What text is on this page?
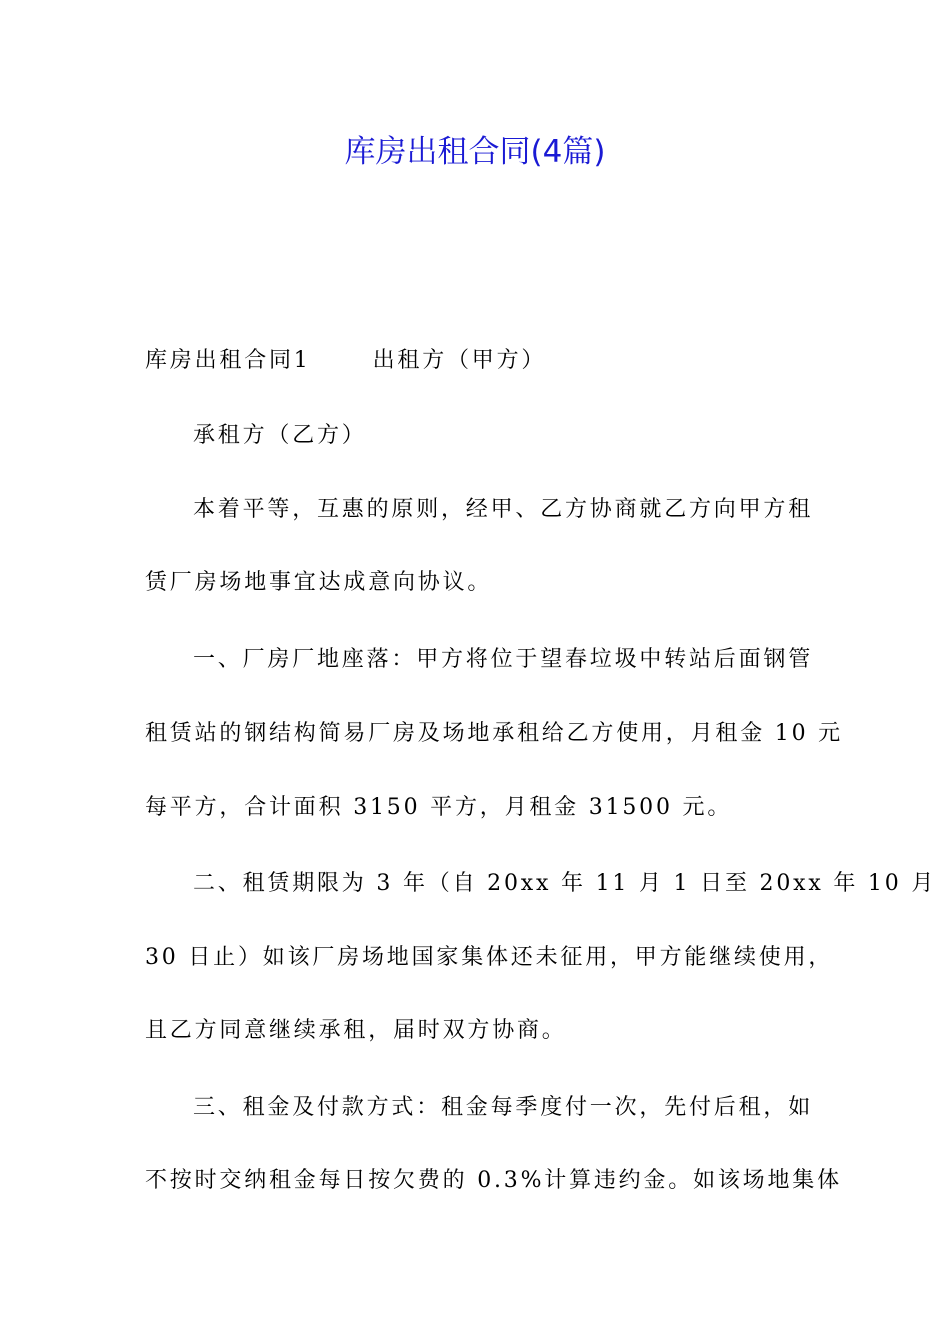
库房出租合同(4篇)
库房出租合同1	出租方（甲方）
承租方（乙方）
本着平等，互惠的原则，经甲、乙方协商就乙方向甲方租
赁厂房场地事宜达成意向协议。
一、厂房厂地座落：甲方将位于望春垃圾中转站后面钢管
租赁站的钢结构简易厂房及场地承租给乙方使用，月租金 10 元
每平方，合计面积 3150 平方，月租金 31500 元。
二、租赁期限为 3 年（自 20xx 年 11 月 1 日至 20xx 年 10 月
30 日止）如该厂房场地国家集体还未征用，甲方能继续使用，
且乙方同意继续承租，届时双方协商。
三、租金及付款方式：租金每季度付一次，先付后租，如
不按时交纳租金每日按欠费的 0.3%计算违约金。如该场地集体
